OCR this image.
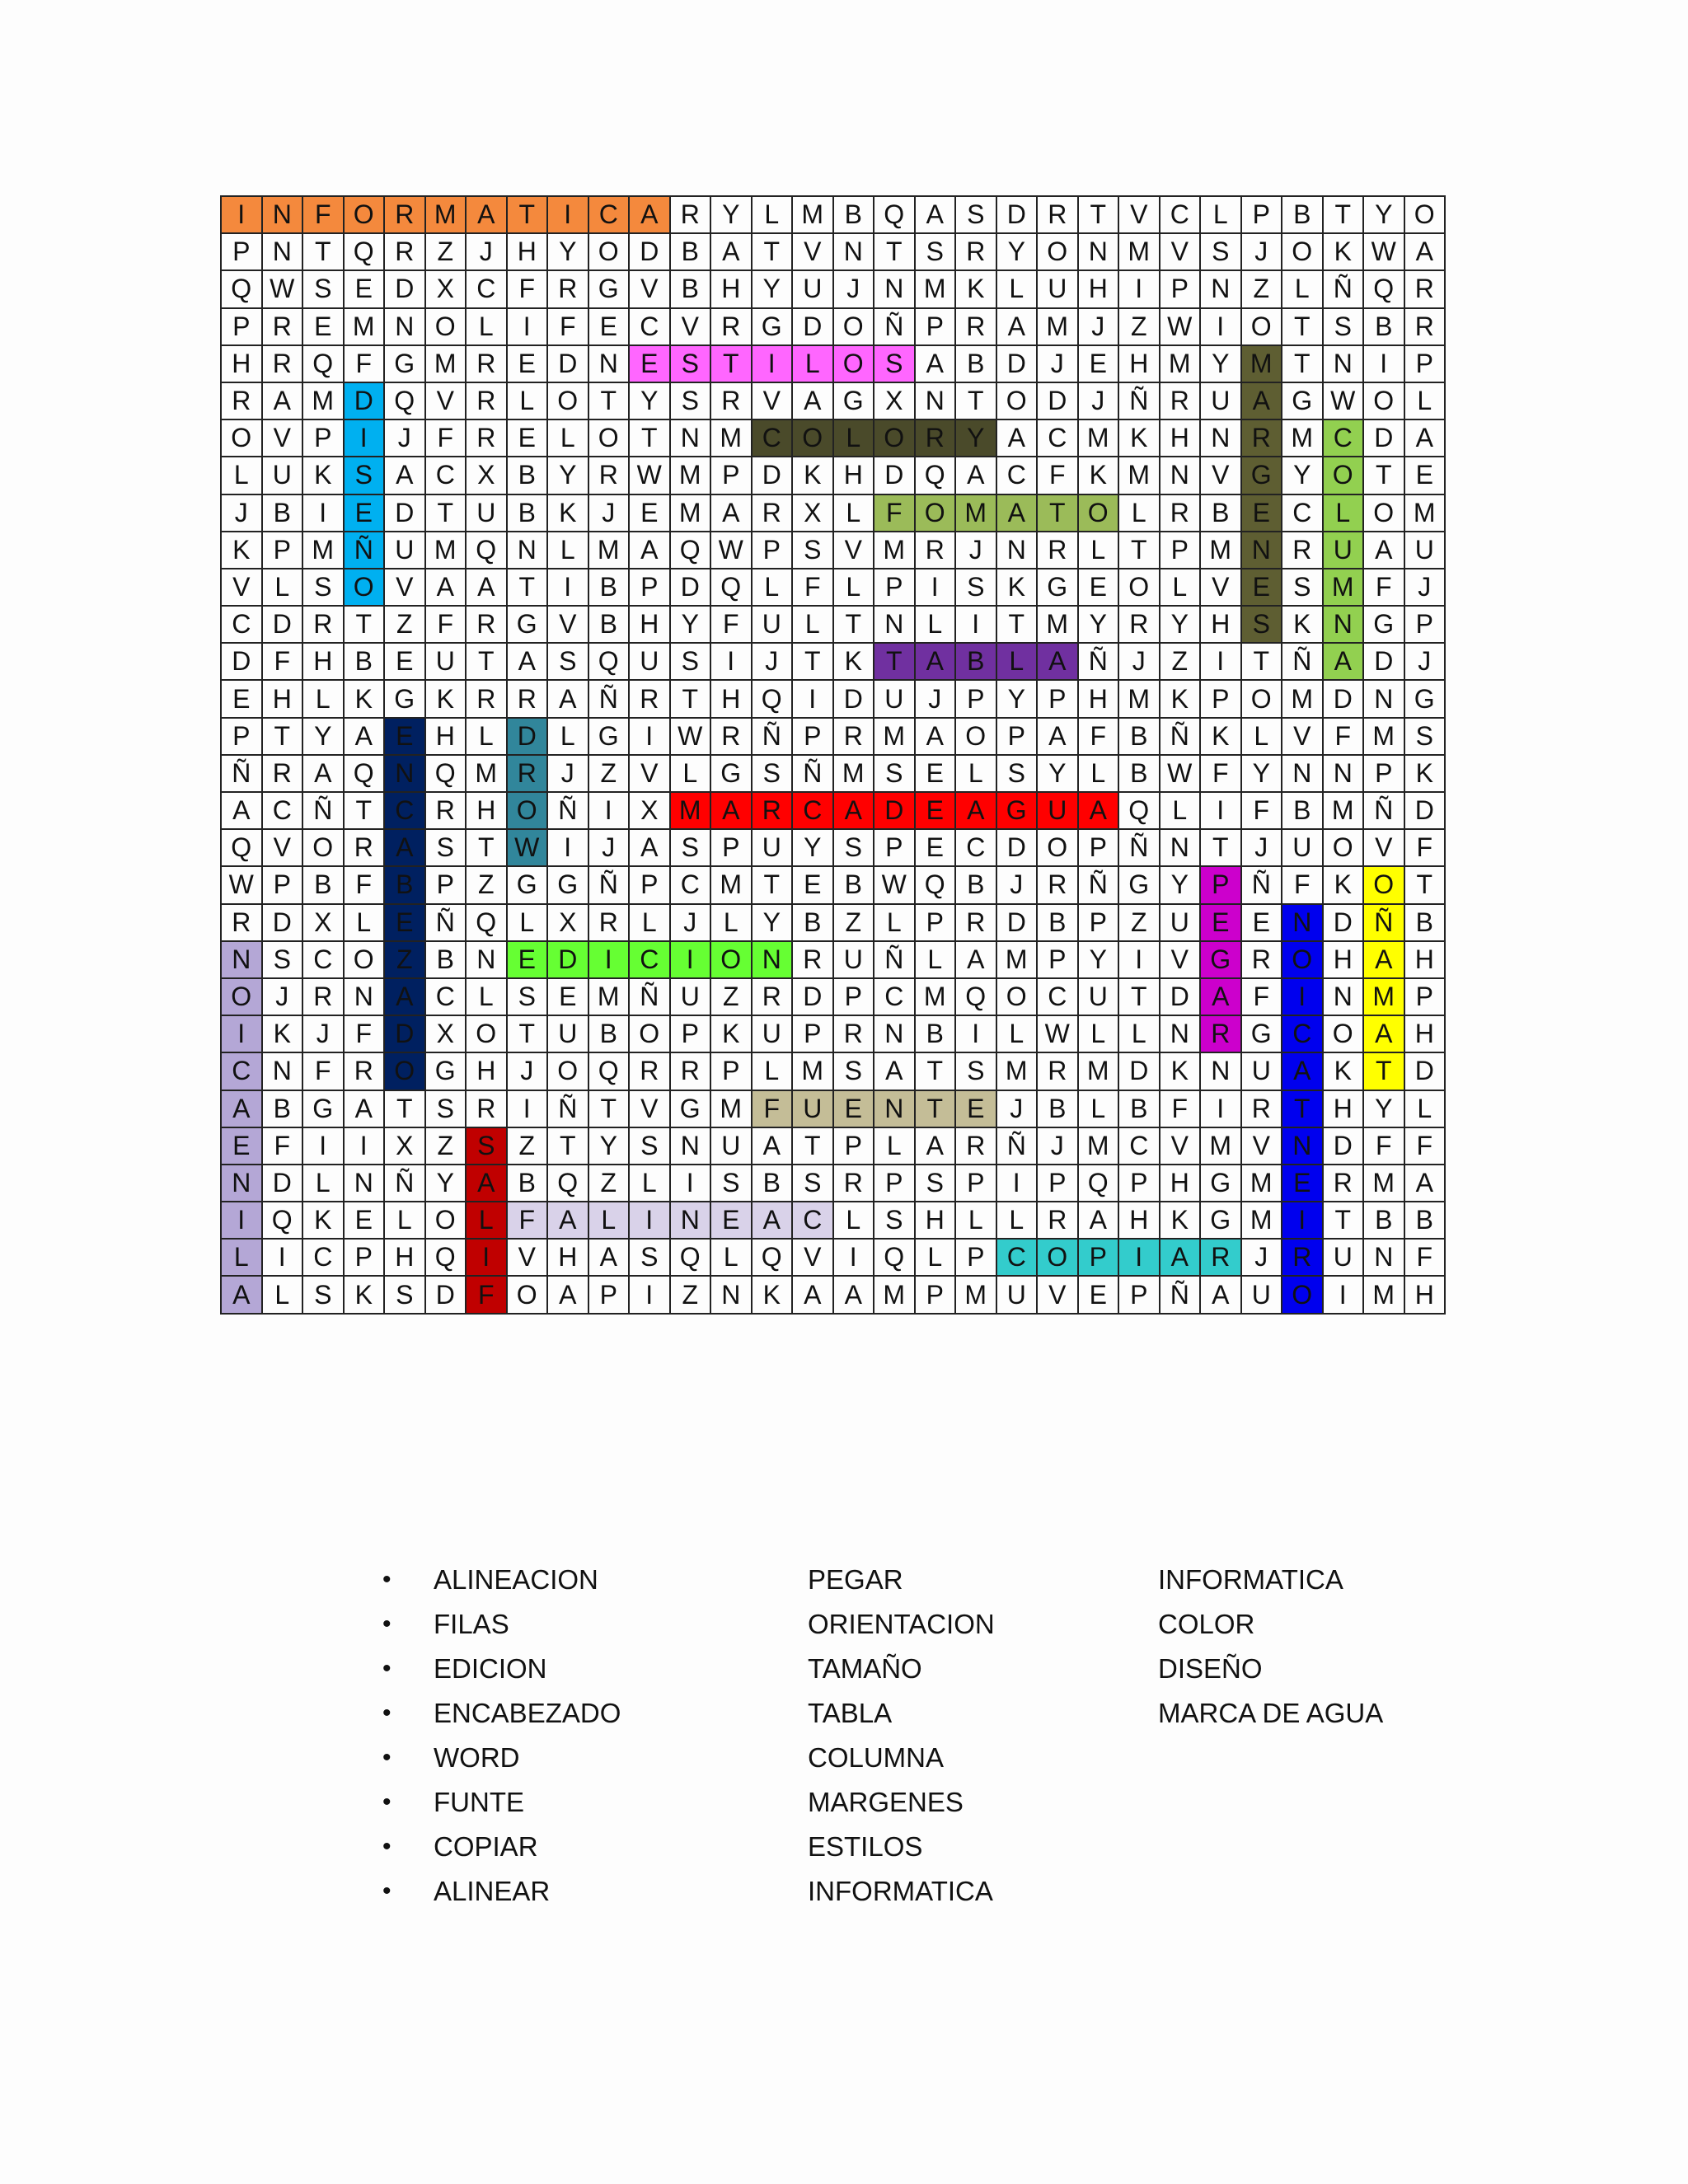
I	N	F	O	R	M	A	T	I	C	A	R	Y	L	M	B	Q	A	S	D	R	T	V	C	L	P	B	T	Y	O
P	N	T	Q	R	Z	J	H	Y	O	D	B	A	T	V	N	T	S	R	Y	O	N	M	V	S	J	O	K	W	A
Q	W	S	E	D	X	C	F	R	G	V	B	H	Y	U	J	N	M	K	L	U	H	I	P	N	Z	L	Ñ	Q	R
P	R	E	M	N	O	L	I	F	E	C	V	R	G	D	O	Ñ	P	R	A	M	J	Z	W	I	O	T	S	B	R
H	R	Q	F	G	M	R	E	D	N	E	S	T	I	L	O	S	A	B	D	J	E	H	M	Y	M	T	N	I	P
R	A	M	D	Q	V	R	L	O	T	Y	S	R	V	A	G	X	N	T	O	D	J	Ñ	R	U	A	G	W	O	L
O	V	P	I	J	F	R	E	L	O	T	N	M	C	O	L	O	R	Y	A	C	M	K	H	N	R	M	C	D	A
L	U	K	S	A	C	X	B	Y	R	W	M	P	D	K	H	D	Q	A	C	F	K	M	N	V	G	Y	O	T	E
J	B	I	E	D	T	U	B	K	J	E	M	A	R	X	L	F	O	M	A	T	O	L	R	B	E	C	L	O	M
K	P	M	Ñ	U	M	Q	N	L	M	A	Q	W	P	S	V	M	R	J	N	R	L	T	P	M	N	R	U	A	U
V	L	S	O	V	A	A	T	I	B	P	D	Q	L	F	L	P	I	S	K	G	E	O	L	V	E	S	M	F	J
C	D	R	T	Z	F	R	G	V	B	H	Y	F	U	L	T	N	L	I	T	M	Y	R	Y	H	S	K	N	G	P
D	F	H	B	E	U	T	A	S	Q	U	S	I	J	T	K	T	A	B	L	A	Ñ	J	Z	I	T	Ñ	A	D	J
E	H	L	K	G	K	R	R	A	Ñ	R	T	H	Q	I	D	U	J	P	Y	P	H	M	K	P	O	M	D	N	G
P	T	Y	A	E	H	L	D	L	G	I	W	R	Ñ	P	R	M	A	O	P	A	F	B	Ñ	K	L	V	F	M	S
Ñ	R	A	Q	N	Q	M	R	J	Z	V	L	G	S	Ñ	M	S	E	L	S	Y	L	B	W	F	Y	N	N	P	K
A	C	Ñ	T	C	R	H	O	Ñ	I	X	M	A	R	C	A	D	E	A	G	U	A	Q	L	I	F	B	M	Ñ	D
Q	V	O	R	A	S	T	W	I	J	A	S	P	U	Y	S	P	E	C	D	O	P	Ñ	N	T	J	U	O	V	F
W	P	B	F	B	P	Z	G	G	Ñ	P	C	M	T	E	B	W	Q	B	J	R	Ñ	G	Y	P	Ñ	F	K	O	T
R	D	X	L	E	Ñ	Q	L	X	R	L	J	L	Y	B	Z	L	P	R	D	B	P	Z	U	E	E	N	D	Ñ	B
N	S	C	O	Z	B	N	E	D	I	C	I	O	N	R	U	Ñ	L	A	M	P	Y	I	V	G	R	O	H	A	H
O	J	R	N	A	C	L	S	E	M	Ñ	U	Z	R	D	P	C	M	Q	O	C	U	T	D	A	F	I	N	M	P
I	K	J	F	D	X	O	T	U	B	O	P	K	U	P	R	N	B	I	L	W	L	L	N	R	G	C	O	A	H
C	N	F	R	O	G	H	J	O	Q	R	R	P	L	M	S	A	T	S	M	R	M	D	K	N	U	A	K	T	D
A	B	G	A	T	S	R	I	Ñ	T	V	G	M	F	U	E	N	T	E	J	B	L	B	F	I	R	T	H	Y	L
E	F	I	I	X	Z	S	Z	T	Y	S	N	U	A	T	P	L	A	R	Ñ	J	M	C	V	M	V	N	D	F	F
N	D	L	N	Ñ	Y	A	B	Q	Z	L	I	S	B	S	R	P	S	P	I	P	Q	P	H	G	M	E	R	M	A
I	Q	K	E	L	O	L	F	A	L	I	N	E	A	C	L	S	H	L	L	R	A	H	K	G	M	I	T	B	B
L	I	C	P	H	Q	I	V	H	A	S	Q	L	Q	V	I	Q	L	P	C	O	P	I	A	R	J	R	U	N	F
A	L	S	K	S	D	F	O	A	P	I	Z	N	K	A	A	M	P	M	U	V	E	P	Ñ	A	U	O	I	M	H
• ALINEACION
• FILAS
• EDICION
• ENCABEZADO
• WORD
• FUNTE
• COPIAR
• ALINEAR
PEGAR
ORIENTACION
TAMAÑO
TABLA
COLUMNA
MARGENES
ESTILOS
INFORMATICA
INFORMATICA
COLOR
DISEÑO
MARCA DE AGUA
